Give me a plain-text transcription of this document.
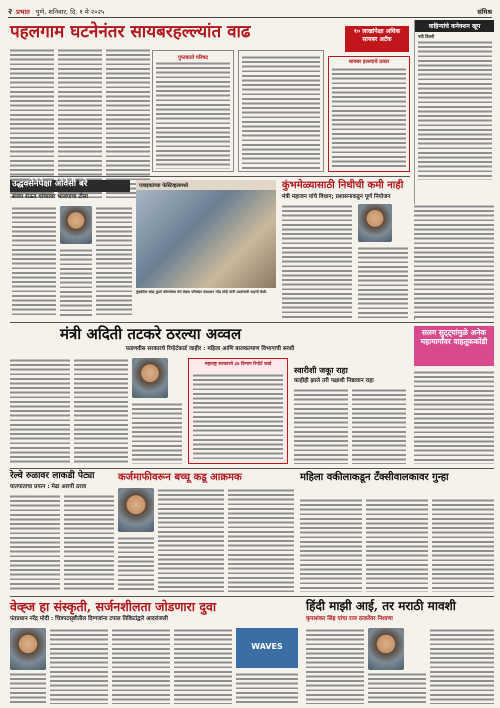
२ प्रभात पुणे, शनिवार, दि. १ मे २०२५	संमिश्र
पहलगाम घटनेनंतर सायबरहल्ल्यांत वाढ	१० लाखांपेक्षा अधिक सायबर अटॅक
गुप्तवार्ता परिषद
सायबर हल्ल्याचे प्रकार
वाहिन्यांचे कनेक्शन खूप
नवी दिल्ली
उद्धवसेनेपेक्षा ओवेसी बरे
संजय राऊत यांच्यावर भाजपाचा टोला
पत्राइकांच्या फेस्टिव्हलमध्ये
मुंबईतील बांद्रा कुर्ला कॉम्प्लेक्स येथे वेव्ह्ज परिषदेत पंतप्रधान नरेंद्र मोदी यांनी प्रदर्शनाची पाहणी केली.
कुंभमेळ्यासाठी निधीची कमी नाही
मंत्री महाजन यांचे विधान; प्रशासनाकडून पूर्ण नियोजन
मंत्री अदिती तटकरे ठरल्या अव्वल
फडणवीस सरकारचे रिपोर्टकार्ड जाहीर : महिला आणि बालकल्याण विभागाची सरशी
महाराष्ट्र सरकारचे ३७ विभाग रिपोर्ट कार्ड
स्वारीशी जकूा राहा
काहीही झाले तरी पक्षाशी निष्ठावान राहा
सलग सुट्ट्यांमुळे अनेक महामार्गांवर वाहतूककोंडी
रेल्वे रुळावर लाकडी पेट्या
घातपाताचा प्रयत्न : मेढा आरपी ठराव
कर्जमाफीवरून बच्चू कडू आक्रमक	महिला वकीलाकडून टँक्सीवालकावर गुन्हा
वेव्ह्ज हा संस्कृती, सर्जनशीलता जोडणारा दुवा
पंतप्रधान नरेंद्र मोदी : चित्रपटसृष्टीतील दिग्गजांना टपाल तिकिटांद्वारे आदरांजली
WAVES
हिंदी माझी आई, तर मराठी मावशी
कृपाशंकर सिंह यांचा राज ठाकरेंवर निशाणा
